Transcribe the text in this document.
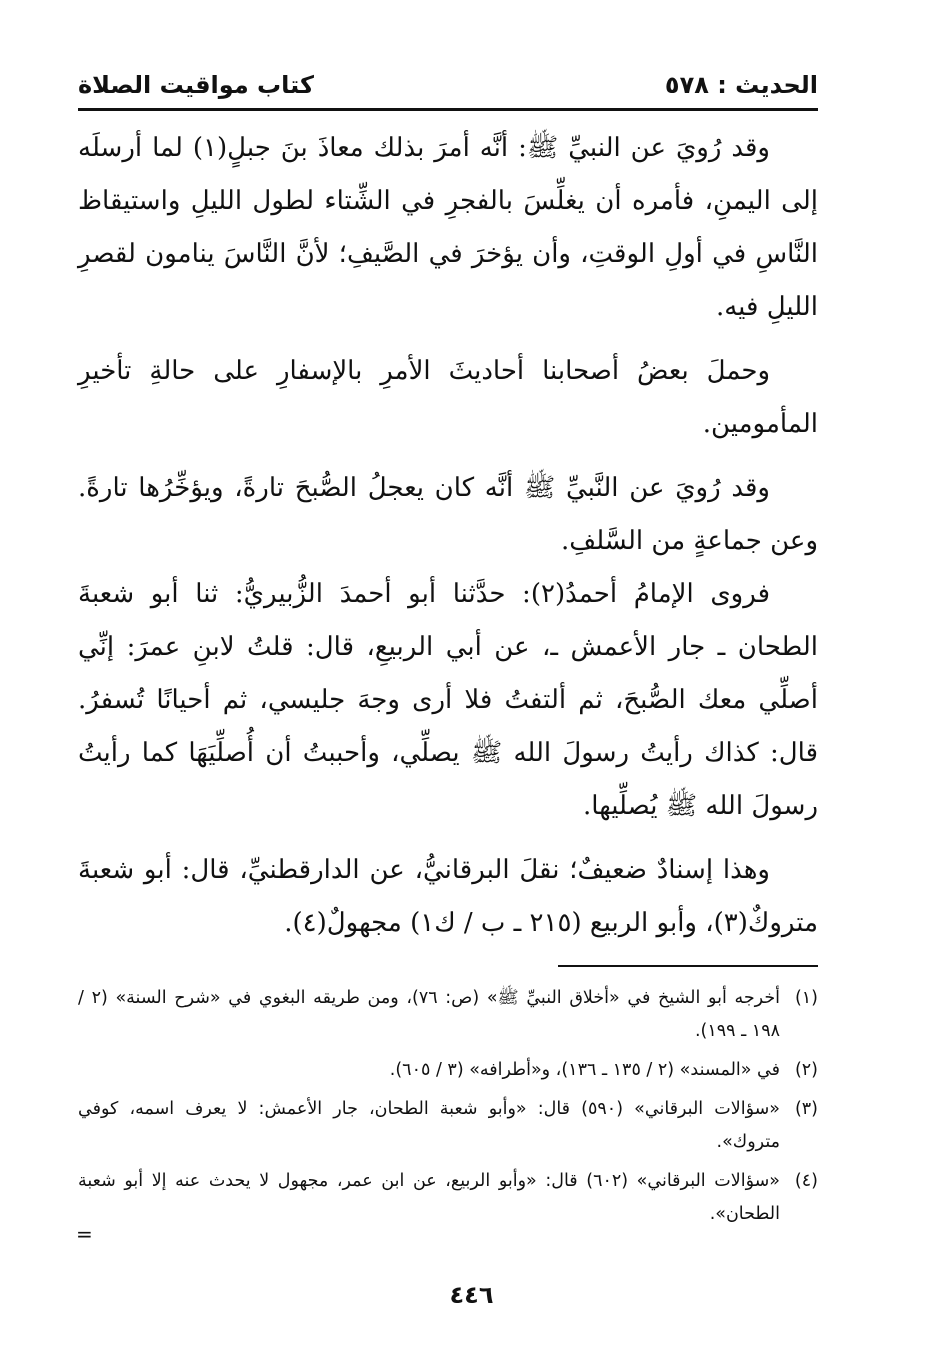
الحديث : ٥٧٨
كتاب مواقيت الصلاة

وقد رُويَ عن النبيِّ ﷺ: أنَّه أمرَ بذلك معاذَ بنَ جبلٍ(١) لما أرسلَه إلى اليمنِ، فأمره أن يغلِّسَ بالفجرِ في الشِّتاء لطول الليلِ واستيقاظ النَّاسِ في أولِ الوقتِ، وأن يؤخرَ في الصَّيفِ؛ لأنَّ النَّاسَ ينامون لقصرِ الليلِ فيه.

وحملَ بعضُ أصحابنا أحاديثَ الأمرِ بالإسفارِ على حالةِ تأخيرِ المأمومين.

وقد رُويَ عن النَّبيِّ ﷺ أنَّه كان يعجلُ الصُّبحَ تارةً، ويؤخِّرُها تارةً. وعن جماعةٍ من السَّلفِ.

فروى الإمامُ أحمدُ(٢): حدَّثنا أبو أحمدَ الزُّبيريُّ: ثنا أبو شعبةَ الطحان ـ جار الأعمش ـ، عن أبي الربيعِ، قال: قلتُ لابنِ عمرَ: إنِّي أصلِّي معك الصُّبحَ، ثم ألتفتُ فلا أرى وجهَ جليسي، ثم أحيانًا تُسفرُ. قال: كذاك رأيتُ رسولَ الله ﷺ يصلِّي، وأحببتُ أن أُصلِّيَهَا كما رأيتُ رسولَ الله ﷺ يُصلِّيها.

وهذا إسنادٌ ضعيفٌ؛ نقلَ البرقانيُّ، عن الدارقطنيِّ، قال: أبو شعبةَ متروكٌ(٣)، وأبو الربيع (٢١٥ ـ ب / ك١) مجهولٌ(٤).

(١)أخرجه أبو الشيخ في «أخلاق النبيِّ ﷺ» (ص: ٧٦)، ومن طريقه البغوي في «شرح السنة» (٢ / ١٩٨ ـ ١٩٩).
(٢)في «المسند» (٢ / ١٣٥ ـ ١٣٦)، و«أطرافه» (٣ / ٦٠٥).
(٣)«سؤالات البرقاني» (٥٩٠) قال: «وأبو شعبة الطحان، جار الأعمش: لا يعرف اسمه، كوفي متروك».
(٤)«سؤالات البرقاني» (٦٠٢) قال: «وأبو الربيع، عن ابن عمر، مجهول لا يحدث عنه إلا أبو شعبة الطحان».
=
٤٤٦
